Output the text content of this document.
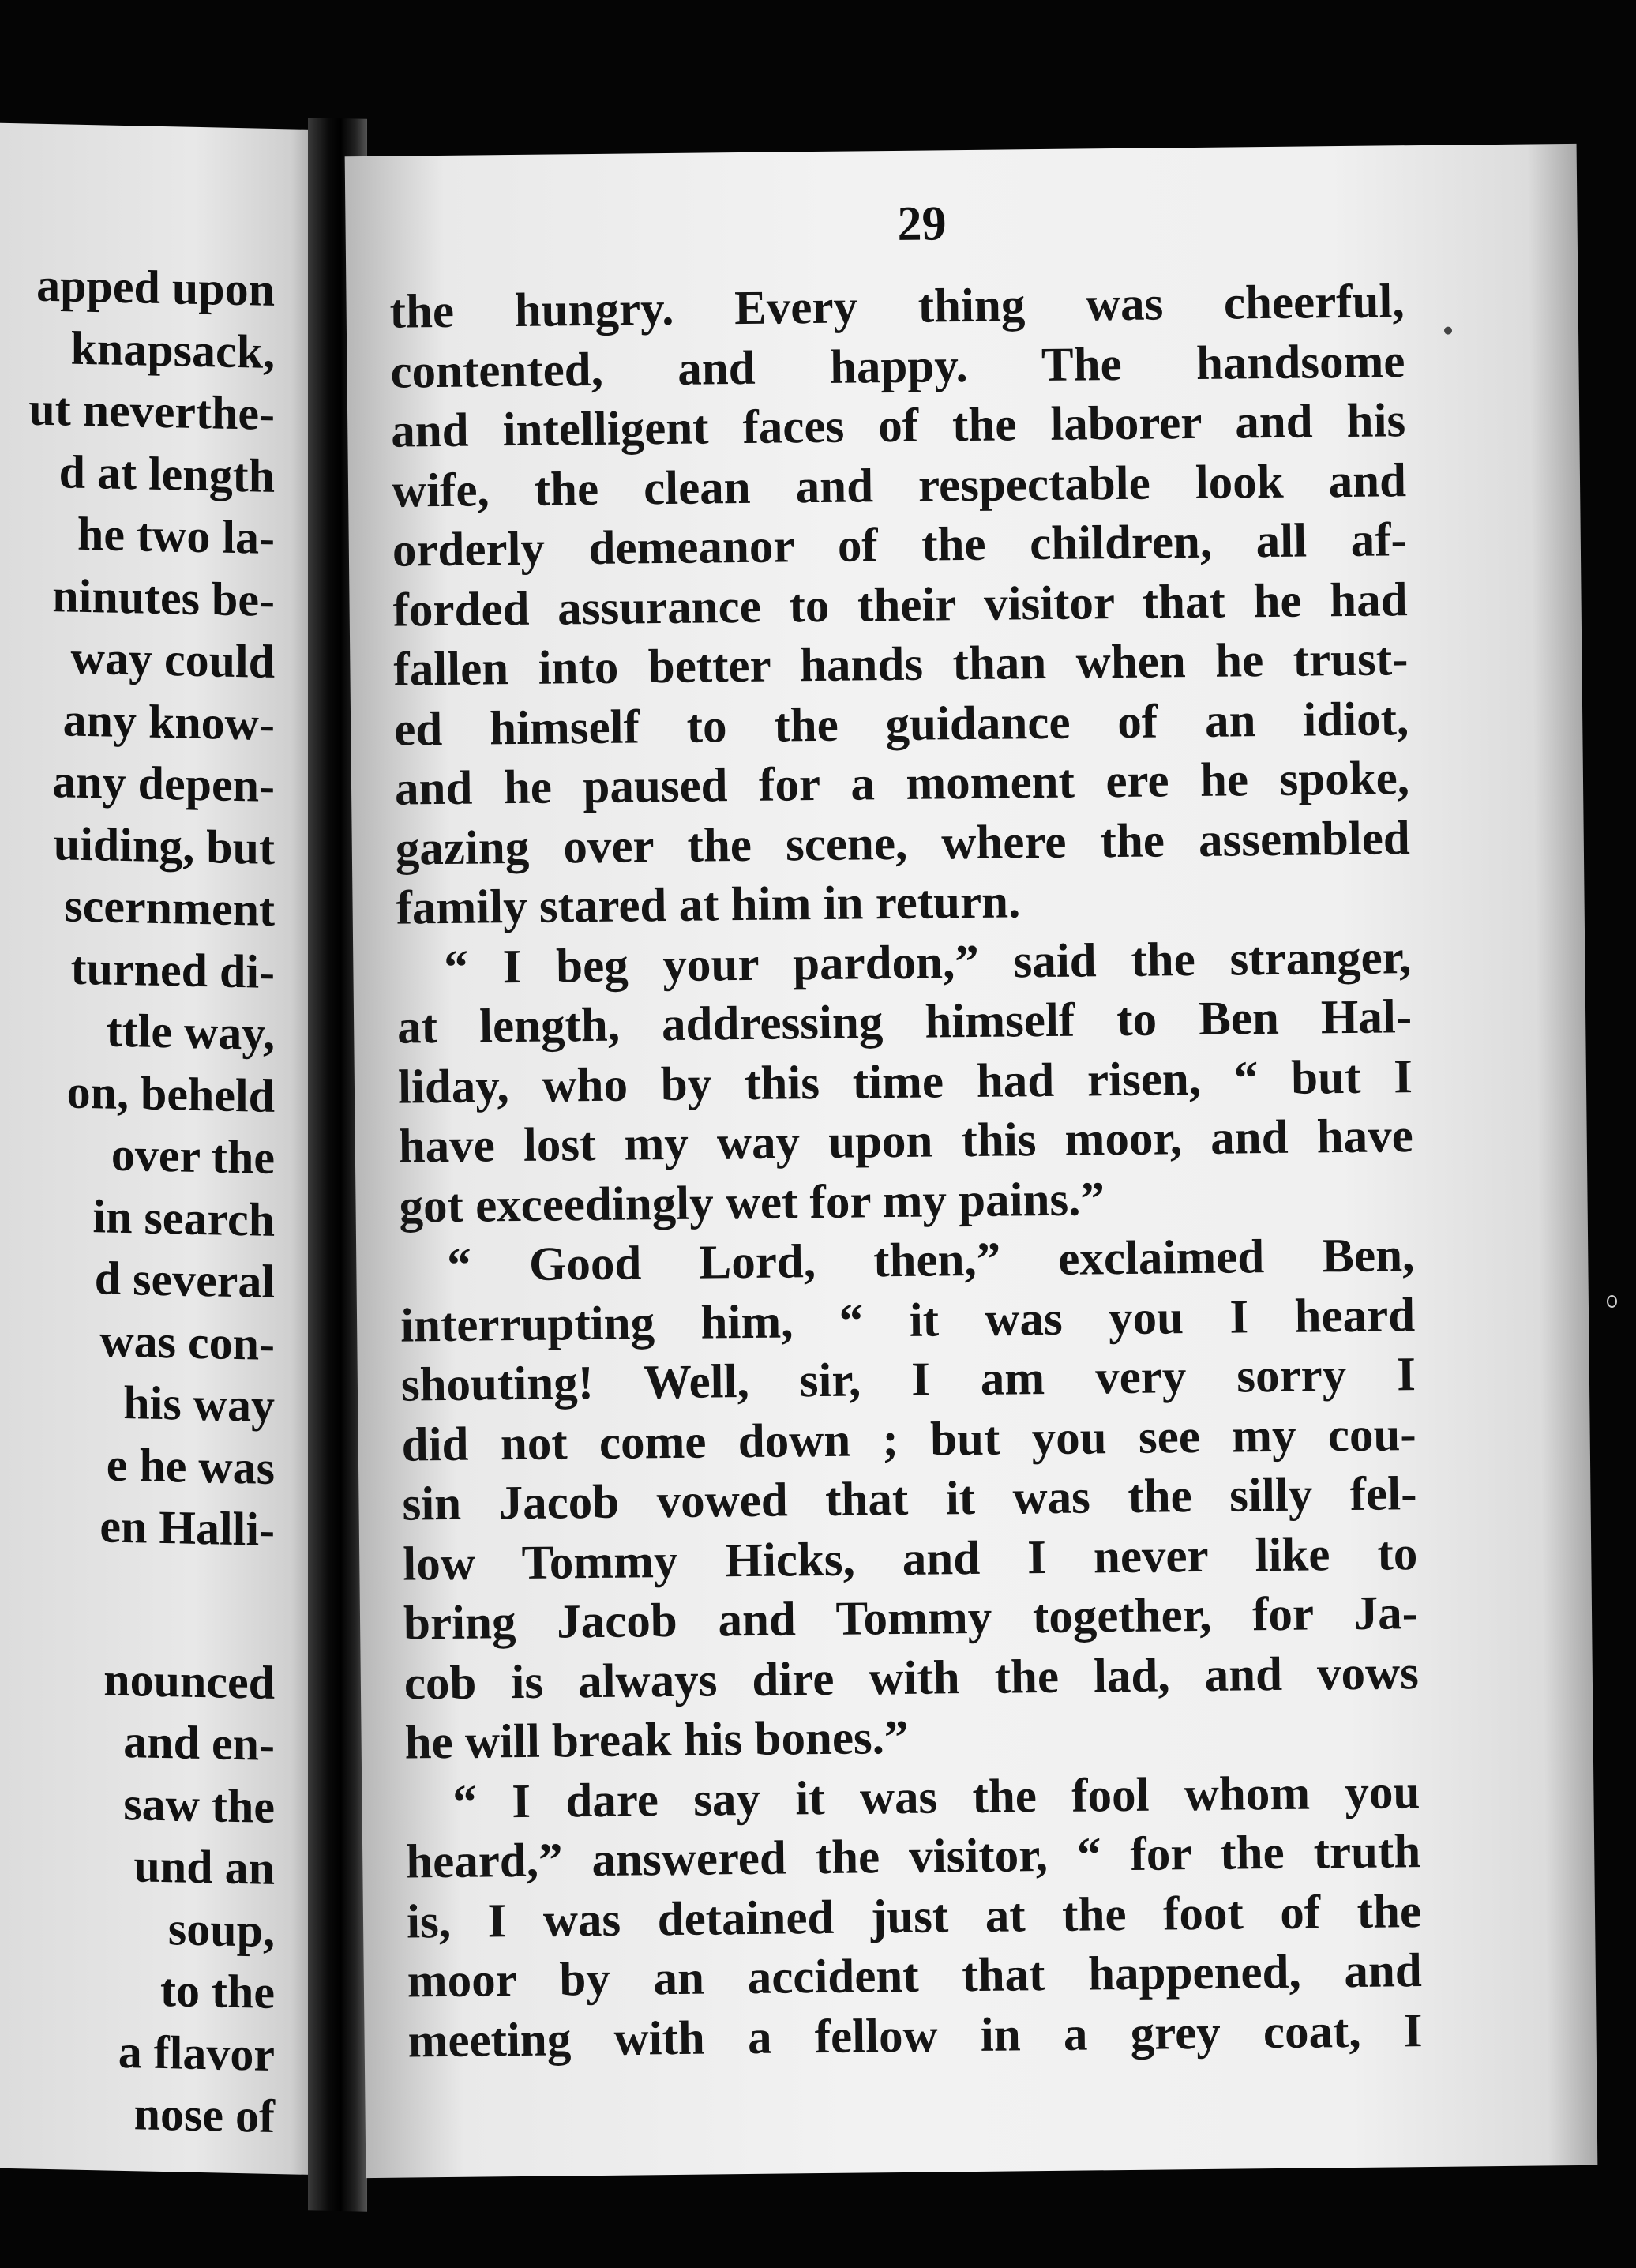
apped upon
knapsack,
ut neverthe-
d at length
he two la-
ninutes be-
way could
any know-
any depen-
uiding, but
scernment
turned di-
ttle way,
on, beheld
over the
in search
d several
was con-
his way
e he was
en Halli-
nounced
and en-
saw the
und an
soup,
to the
a flavor
nose of
29
the hungry. Every thing was cheerful,
contented, and happy. The handsome
and intelligent faces of the laborer and his
wife, the clean and respectable look and
orderly demeanor of the children, all af-
forded assurance to their visitor that he had
fallen into better hands than when he trust-
ed himself to the guidance of an idiot,
and he paused for a moment ere he spoke,
gazing over the scene, where the assembled
family stared at him in return.
“ I beg your pardon,” said the stranger,
at length, addressing himself to Ben Hal-
liday, who by this time had risen, “ but I
have lost my way upon this moor, and have
got exceedingly wet for my pains.”
“ Good Lord, then,” exclaimed Ben,
interrupting him, “ it was you I heard
shouting! Well, sir, I am very sorry I
did not come down ; but you see my cou-
sin Jacob vowed that it was the silly fel-
low Tommy Hicks, and I never like to
bring Jacob and Tommy together, for Ja-
cob is always dire with the lad, and vows
he will break his bones.”
“ I dare say it was the fool whom you
heard,” answered the visitor, “ for the truth
is, I was detained just at the foot of the
moor by an accident that happened, and
meeting with a fellow in a grey coat, I
